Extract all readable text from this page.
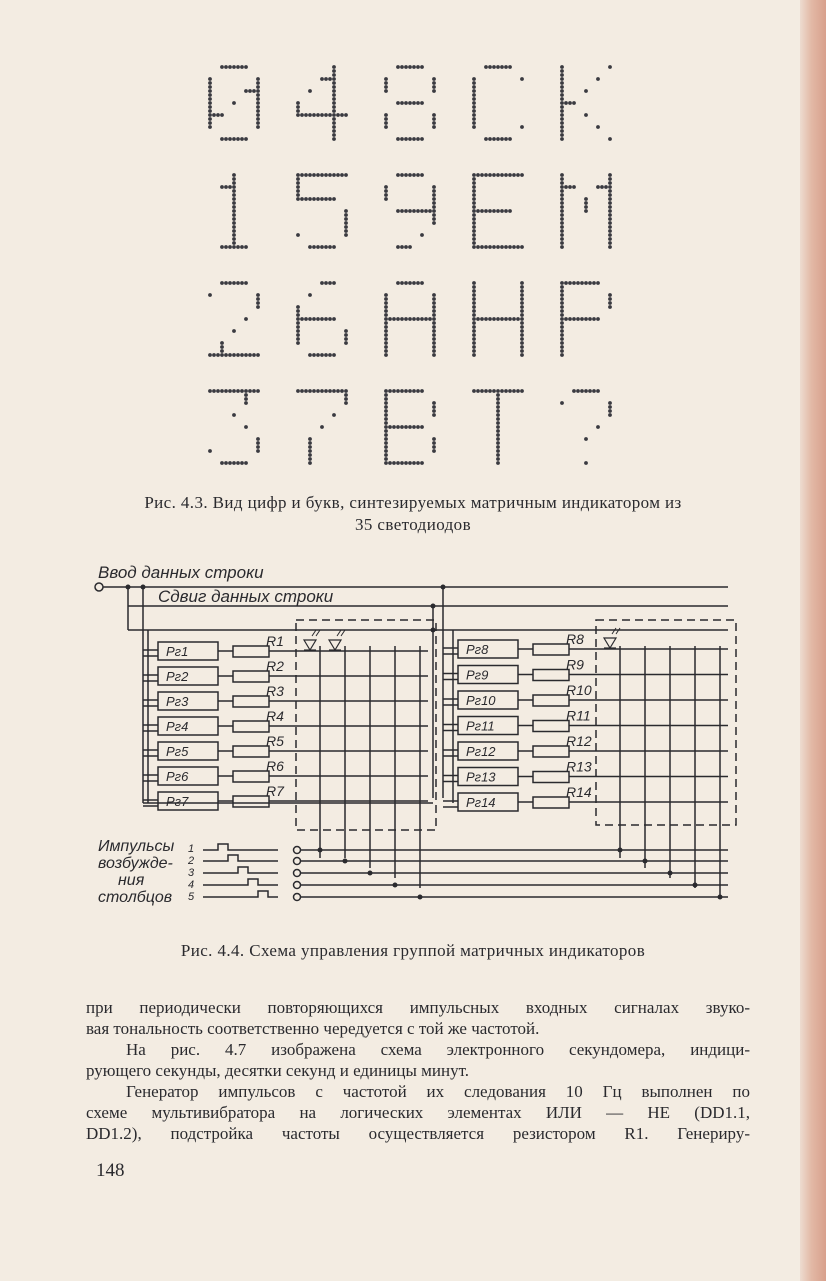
Рис. 4.3. Вид цифр и букв, синтезируемых матричным индикатором из
35 светодиодов
Рг1
R1
Рг2
R2
Рг3
R3
Рг4
R4
Рг5
R5
Рг6
R6
Рг7
R7
Рг8
R8
Рг9
R9
Рг10
R10
Рг11
R11
Рг12
R12
Рг13
R13
Рг14
R14
Ввод данных строки
Сдвиг данных строки
Импульсы
возбужде-
ния
столбцов
1
2
3
4
5
Рис. 4.4. Схема управления группой матричных индикаторов

при периодически повторяющихся импульсных входных сигналах звуко-

вая тональность соответственно чередуется с той же частотой.

На рис. 4.7 изображена схема электронного секундомера, индици-

рующего секунды, десятки секунд и единицы минут.

Генератор импульсов с частотой их следования 10 Гц выполнен по

схеме мультивибратора на логических элементах ИЛИ — НЕ (DD1.1,

DD1.2), подстройка частоты осуществляется резистором R1. Генериру-

148
